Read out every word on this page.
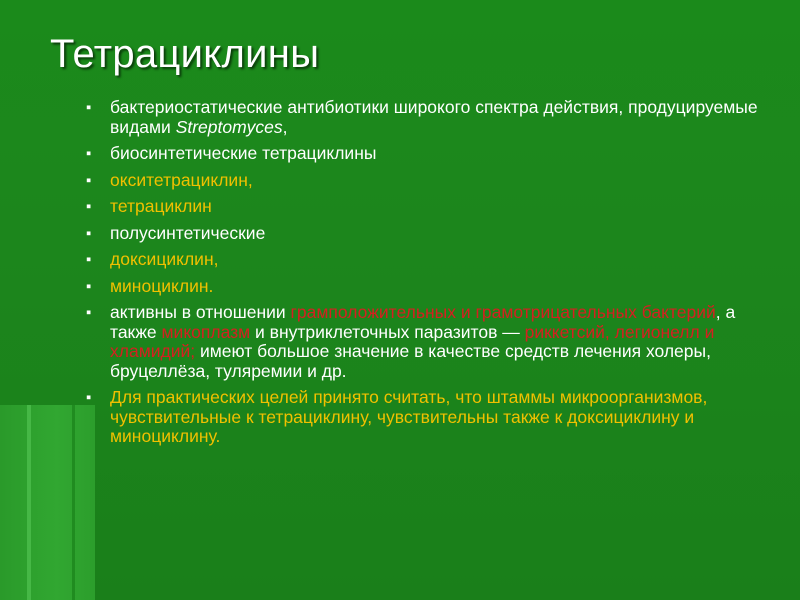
Тетрациклины
▪ бактериостатические антибиотики широкого спектра действия, продуцируемые видами Streptomyces,
▪ биосинтетические тетрациклины
▪ окситетрациклин,
▪ тетрациклин
▪ полусинтетические
▪ доксициклин,
▪ миноциклин.
▪ активны в отношении грамположительных и грамотрицательных бактерий, а также микоплазм и внутриклеточных паразитов — риккетсий, легионелл и хламидий; имеют большое значение в качестве средств лечения холеры, бруцеллёза, туляремии и др.
▪ Для практических целей принято считать, что штаммы микроорганизмов, чувствительные к тетрациклину, чувствительны также к доксициклину и миноциклину.
